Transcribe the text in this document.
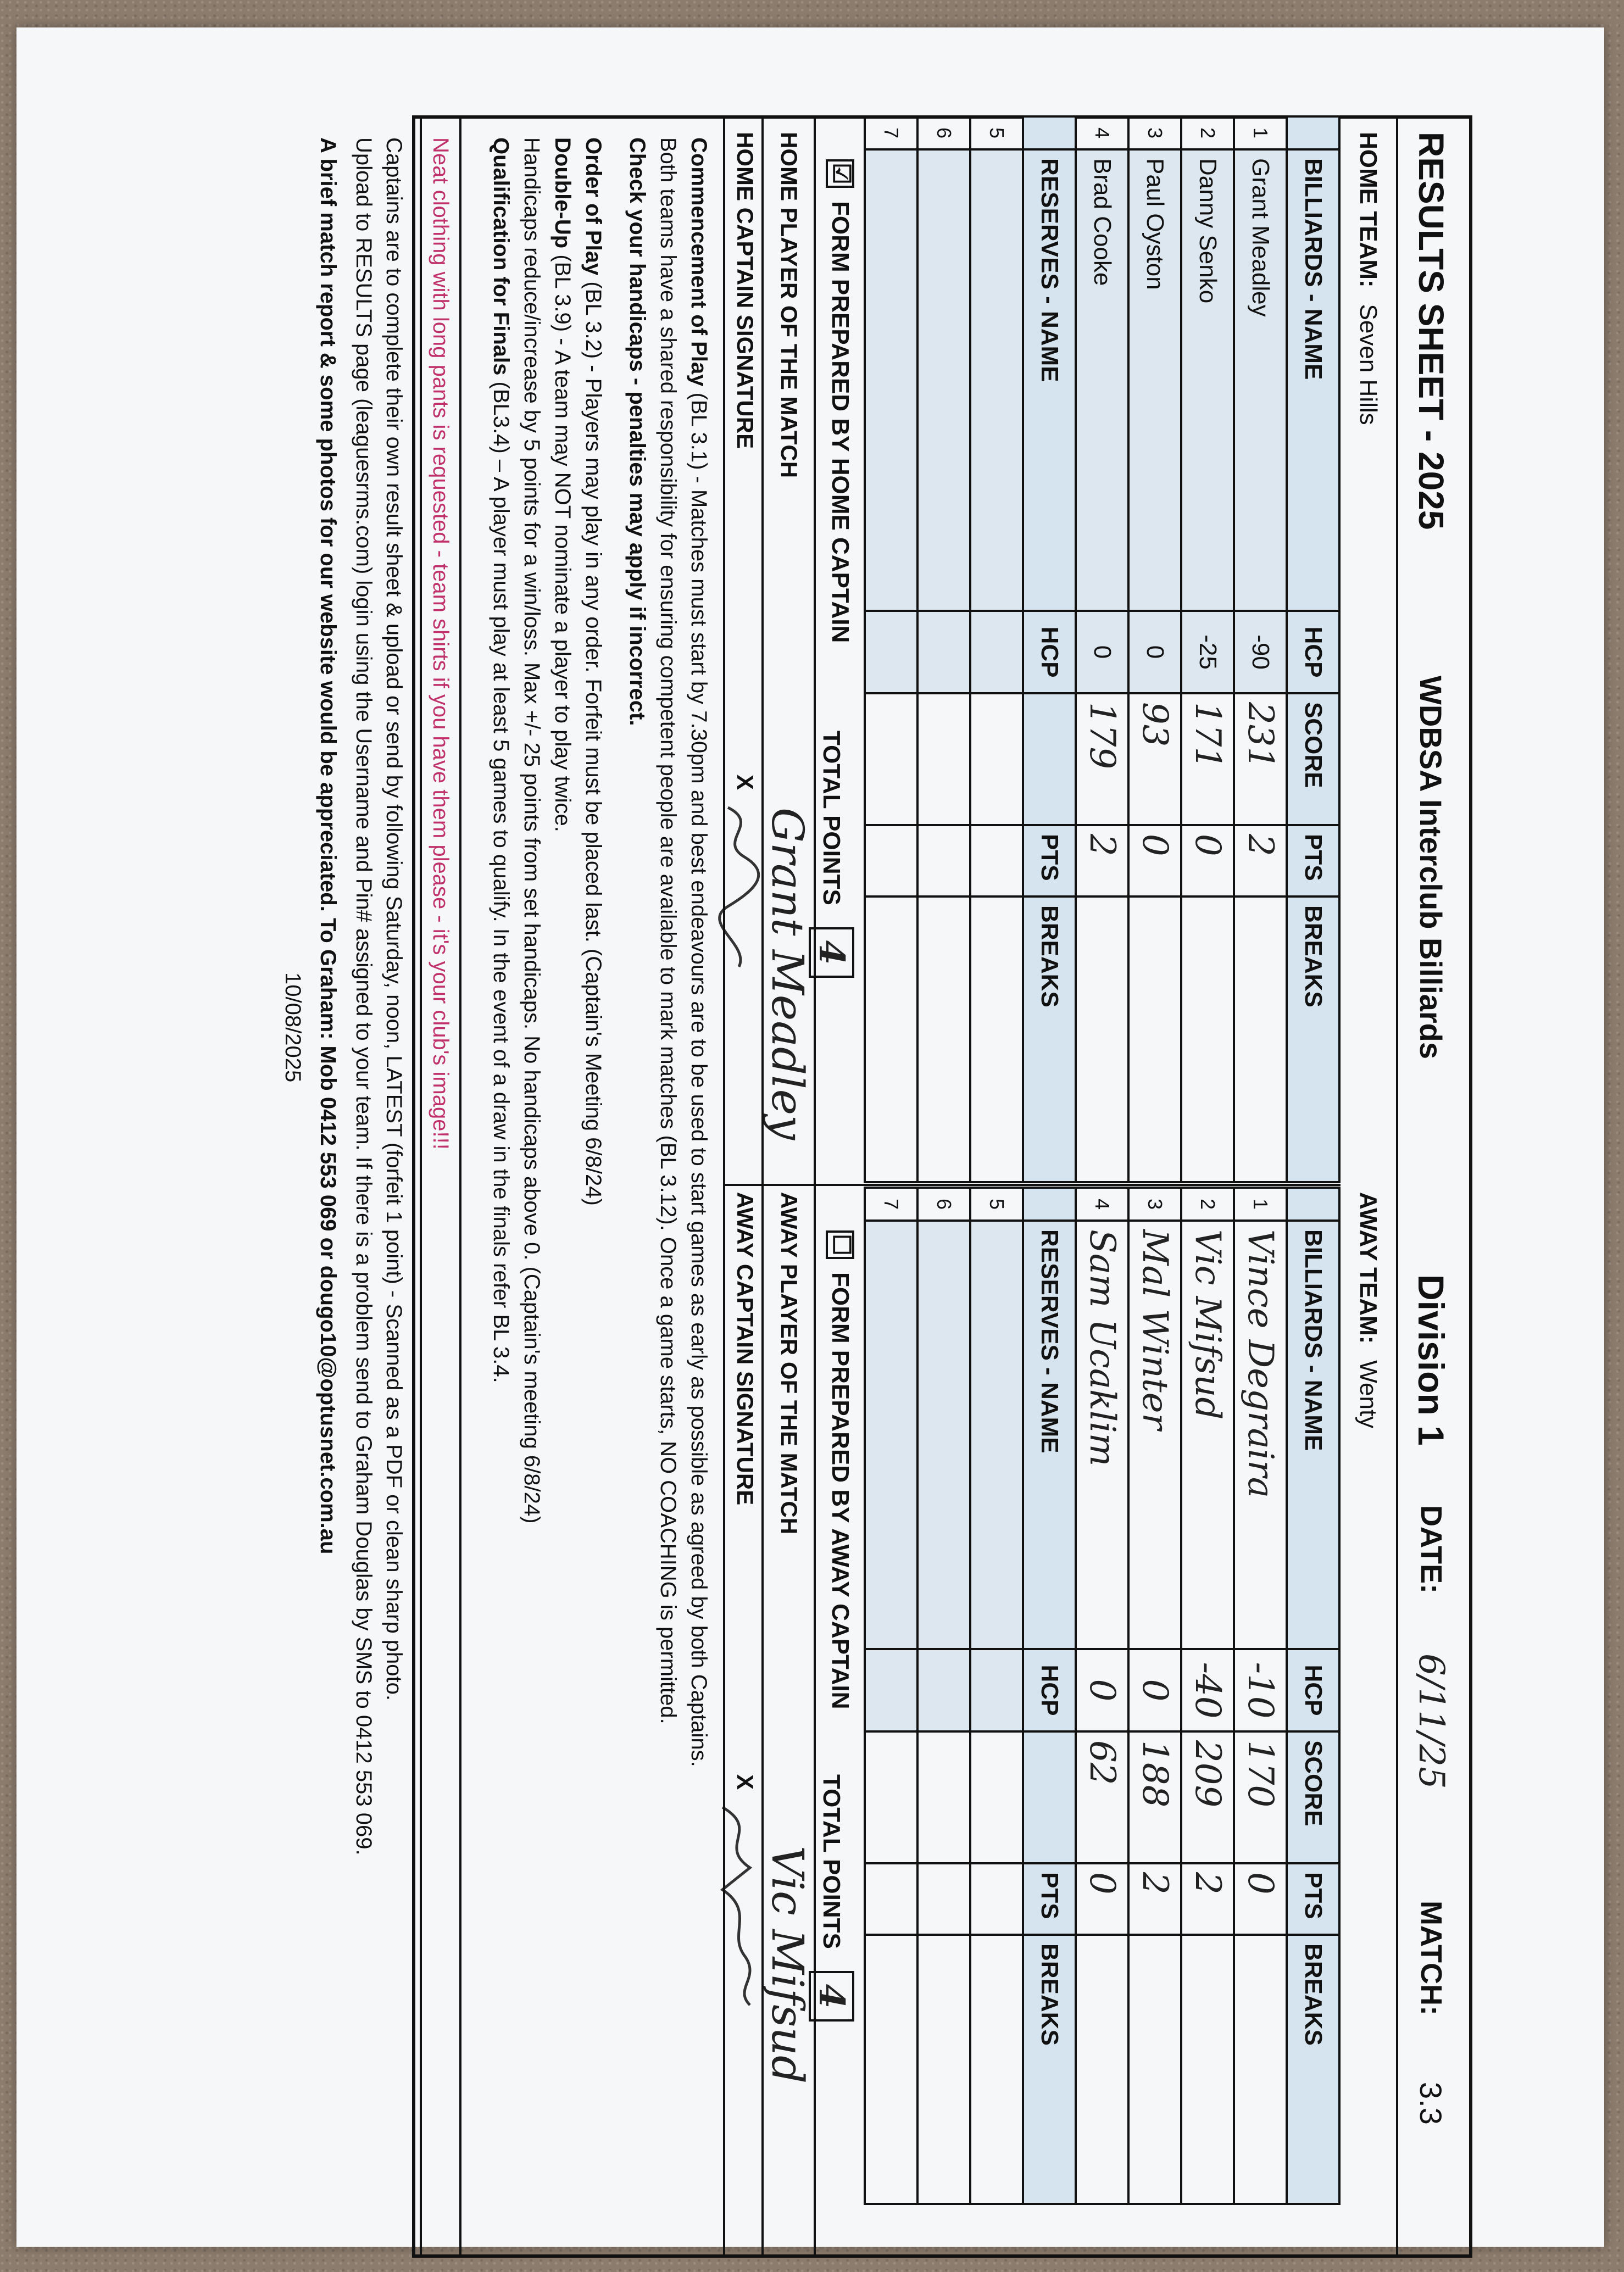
RESULTS SHEET - 2025
WDBSA Interclub Billiards
Division 1
DATE:
6/11/25
MATCH:
3.3
HOME TEAM:
Seven Hills
AWAY TEAM:
Wenty
	BILLIARDS - NAME	HCP	SCORE	PTS	BREAKS
1	Grant Meadley	-90	231	2	
2	Danny Senko	-25	171	0	
3	Paul Oyston	0	93	0	
4	Brad Cooke	0	179	2	
	RESERVES - NAME	HCP		PTS	BREAKS
5					
6					
7					
	BILLIARDS - NAME	HCP	SCORE	PTS	BREAKS
1	Vince Degraira	-10	170	0	
2	Vic Mifsud	-40	209	2	
3	Mal Winter	0	188	2	
4	Sam Ucaklim	0	62	0	
	RESERVES - NAME	HCP		PTS	BREAKS
5					
6					
7					
☑
FORM PREPARED BY HOME CAPTAIN
TOTAL POINTS
4
☐
FORM PREPARED BY AWAY CAPTAIN
TOTAL POINTS
4
HOME PLAYER OF THE MATCH
Grant Meadley
AWAY PLAYER OF THE MATCH
Vic Mifsud
HOME CAPTAIN SIGNATURE
X
AWAY CAPTAIN SIGNATURE
X

Commencement of Play (BL 3.1) - Matches must start by 7.30pm and best endeavours are to be used to start games as early as possible as agreed by both Captains.

Both teams have a shared responsibility for ensuring competent people are available to mark matches (BL 3.12). Once a game starts, NO COACHING is permitted.

Check your handicaps - penalties may apply if incorrect.

Order of Play (BL 3.2) - Players may play in any order. Forfeit must be placed last. (Captain's Meeting 6/8/24)

Double-Up (BL 3.9) - A team may NOT nominate a player to play twice.

Handicaps reduce/increase by 5 points for a win/loss. Max +/- 25 points from set handicaps. No handicaps above 0. (Captain's meeting 6/8/24)

Qualification for Finals (BL3.4) – A player must play at least 5 games to qualify. In the event of a draw in the finals refer BL 3.4.

Neat clothing with long pants is requested - team shirts if you have them please - it's your club's image!!!
Captains are to complete their own result sheet & upload or send by following Saturday, noon, LATEST (forfeit 1 point) - Scanned as a PDF or clean sharp photo.
Upload to RESULTS page (leaguesrms.com) login using the Username and Pin# assigned to your team. If there is a problem send to Graham Douglas by SMS to 0412 553 069.
A brief match report & some photos for our website would be appreciated. To Graham: Mob 0412 553 069 or dougo10@optusnet.com.au
10/08/2025
